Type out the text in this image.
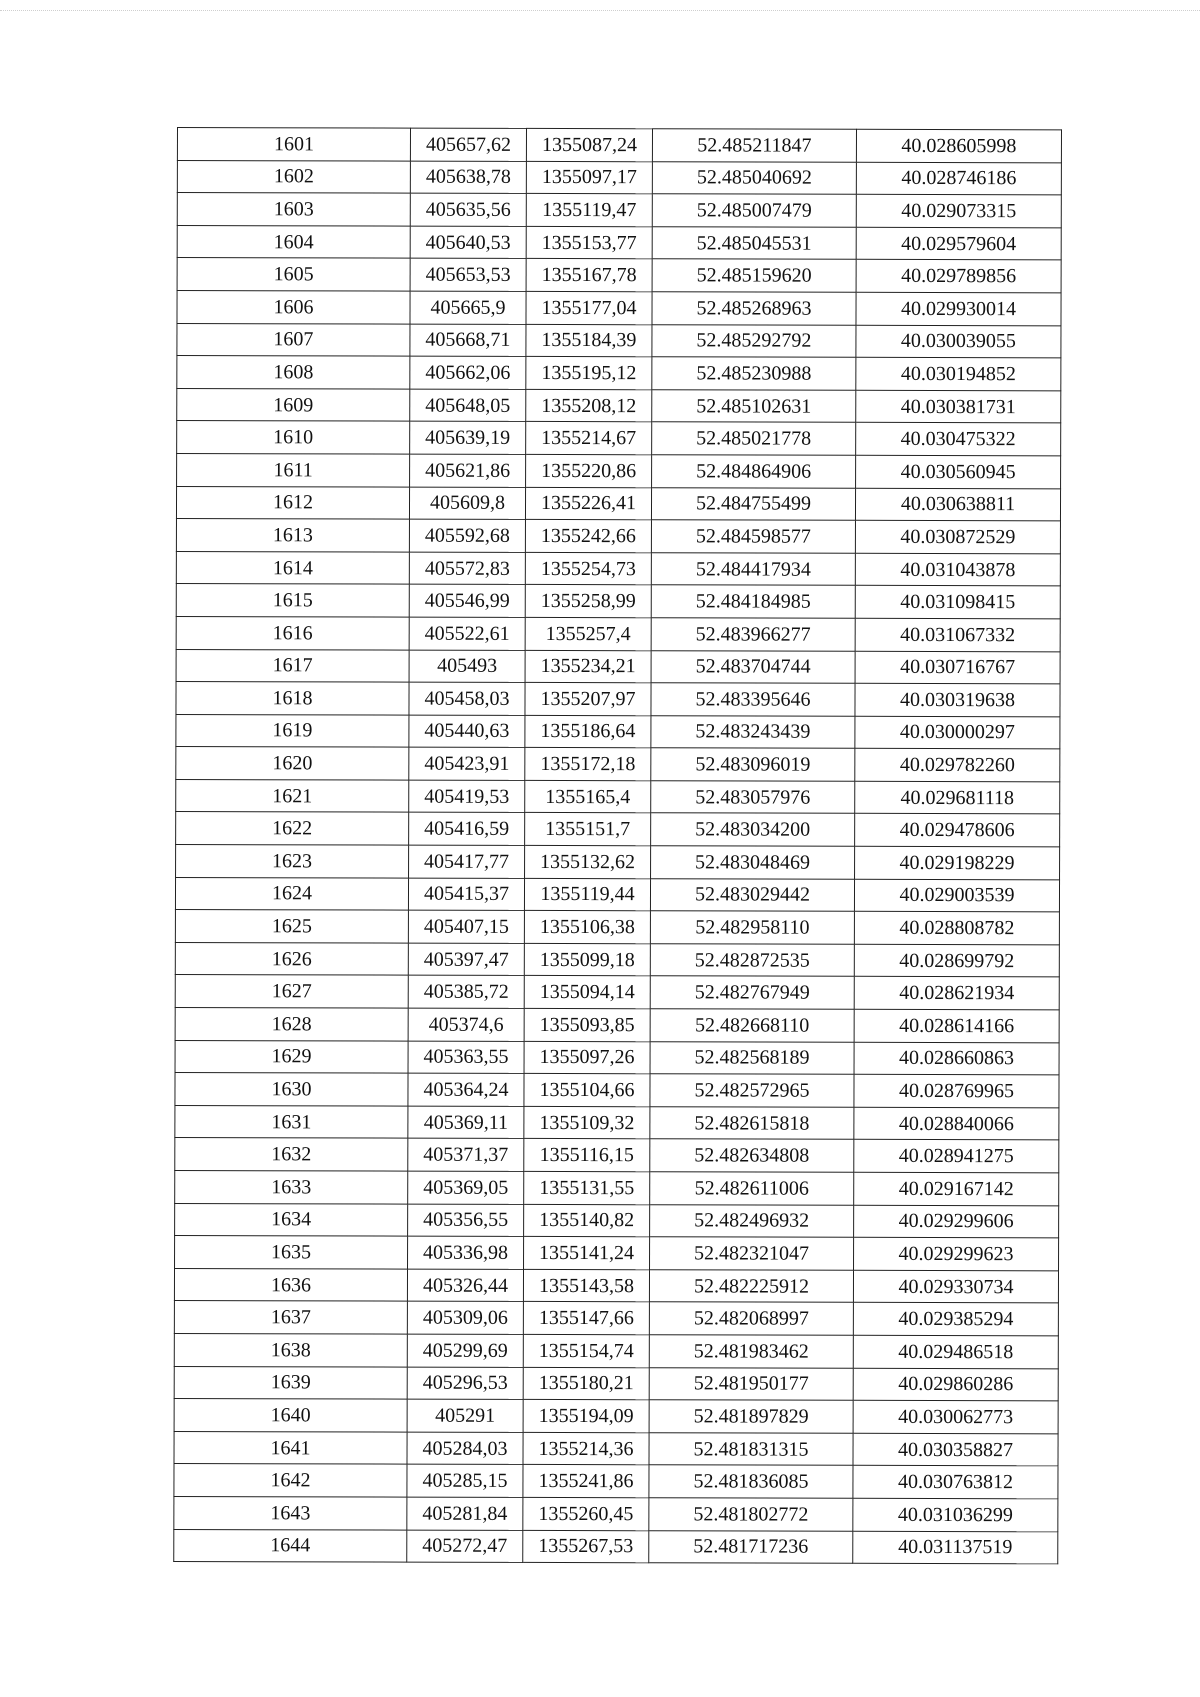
1601	405657,62	1355087,24	52.485211847	40.028605998
1602	405638,78	1355097,17	52.485040692	40.028746186
1603	405635,56	1355119,47	52.485007479	40.029073315
1604	405640,53	1355153,77	52.485045531	40.029579604
1605	405653,53	1355167,78	52.485159620	40.029789856
1606	405665,9	1355177,04	52.485268963	40.029930014
1607	405668,71	1355184,39	52.485292792	40.030039055
1608	405662,06	1355195,12	52.485230988	40.030194852
1609	405648,05	1355208,12	52.485102631	40.030381731
1610	405639,19	1355214,67	52.485021778	40.030475322
1611	405621,86	1355220,86	52.484864906	40.030560945
1612	405609,8	1355226,41	52.484755499	40.030638811
1613	405592,68	1355242,66	52.484598577	40.030872529
1614	405572,83	1355254,73	52.484417934	40.031043878
1615	405546,99	1355258,99	52.484184985	40.031098415
1616	405522,61	1355257,4	52.483966277	40.031067332
1617	405493	1355234,21	52.483704744	40.030716767
1618	405458,03	1355207,97	52.483395646	40.030319638
1619	405440,63	1355186,64	52.483243439	40.030000297
1620	405423,91	1355172,18	52.483096019	40.029782260
1621	405419,53	1355165,4	52.483057976	40.029681118
1622	405416,59	1355151,7	52.483034200	40.029478606
1623	405417,77	1355132,62	52.483048469	40.029198229
1624	405415,37	1355119,44	52.483029442	40.029003539
1625	405407,15	1355106,38	52.482958110	40.028808782
1626	405397,47	1355099,18	52.482872535	40.028699792
1627	405385,72	1355094,14	52.482767949	40.028621934
1628	405374,6	1355093,85	52.482668110	40.028614166
1629	405363,55	1355097,26	52.482568189	40.028660863
1630	405364,24	1355104,66	52.482572965	40.028769965
1631	405369,11	1355109,32	52.482615818	40.028840066
1632	405371,37	1355116,15	52.482634808	40.028941275
1633	405369,05	1355131,55	52.482611006	40.029167142
1634	405356,55	1355140,82	52.482496932	40.029299606
1635	405336,98	1355141,24	52.482321047	40.029299623
1636	405326,44	1355143,58	52.482225912	40.029330734
1637	405309,06	1355147,66	52.482068997	40.029385294
1638	405299,69	1355154,74	52.481983462	40.029486518
1639	405296,53	1355180,21	52.481950177	40.029860286
1640	405291	1355194,09	52.481897829	40.030062773
1641	405284,03	1355214,36	52.481831315	40.030358827
1642	405285,15	1355241,86	52.481836085	40.030763812
1643	405281,84	1355260,45	52.481802772	40.031036299
1644	405272,47	1355267,53	52.481717236	40.031137519
